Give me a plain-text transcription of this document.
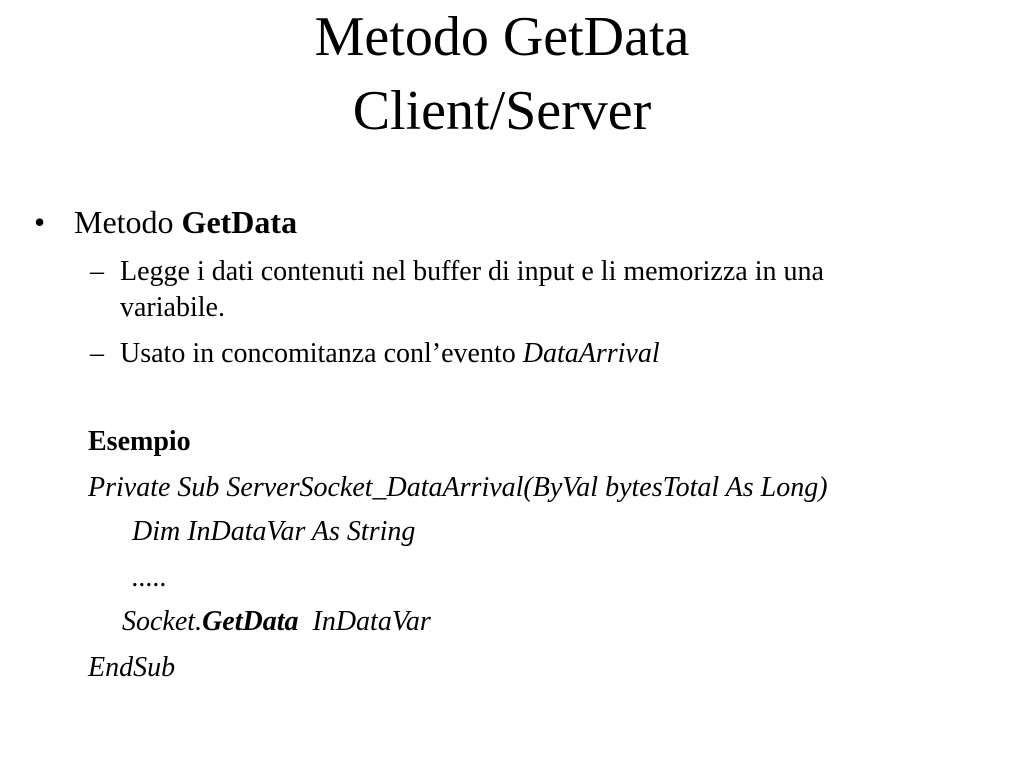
Metodo GetData
Client/Server
• Metodo GetData
– Legge i dati contenuti nel buffer di input e li memorizza in una
variabile.
– Usato in concomitanza conl’evento DataArrival
Esempio
Private Sub ServerSocket_DataArrival(ByVal bytesTotal As Long)
Dim InDataVar As String
.....
Socket.GetData  InDataVar
EndSub
